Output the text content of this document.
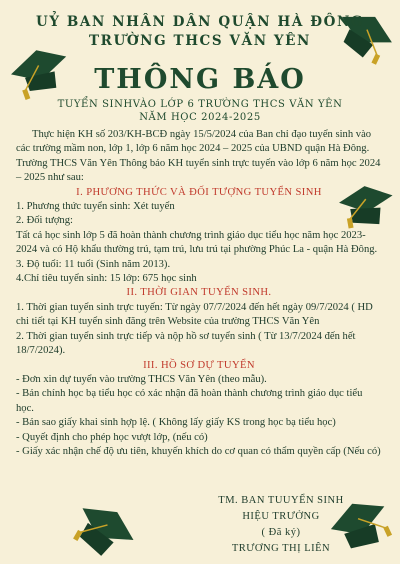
UỶ BAN NHÂN DÂN QUẬN HÀ ĐÔNG
TRƯỜNG THCS VĂN YÊN
THÔNG BÁO
TUYỂN SINHVÀO LỚP 6 TRƯỜNG THCS VĂN YÊN
NĂM HỌC 2024-2025

Thực hiện KH số 203/KH-BCĐ ngày 15/5/2024 của Ban chỉ đạo tuyển sinh vào các trường mầm non, lớp 1, lớp 6 năm học 2024 – 2025 của UBND quận Hà Đông. Trường THCS Văn Yên Thông báo KH tuyển sinh trực tuyến vào lớp 6 năm học 2024 – 2025 như sau:

I. PHƯƠNG THỨC VÀ ĐỐI TƯỢNG TUYỂN SINH

1. Phương thức tuyển sinh: Xét tuyển

2. Đối tượng:

Tất cả học sinh lớp 5 đã hoàn thành chương trình giáo dục tiểu học năm học 2023-2024 và có Hộ khẩu thường trú, tạm trú, lưu trú tại phường Phúc La - quận Hà Đông.

3. Độ tuổi: 11 tuổi (Sinh năm 2013).

4.Chỉ tiêu tuyển sinh: 15 lớp: 675 học sinh

II. THỜI GIAN TUYỂN SINH.

1. Thời gian tuyển sinh trực tuyến: Từ ngày 07/7/2024 đến hết ngày 09/7/2024 ( HD chi tiết tại KH tuyển sinh đăng trên Website của trường THCS Văn Yên

2. Thời gian tuyển sinh trực tiếp và nộp hồ sơ tuyển sinh ( Từ 13/7/2024 đến hết 18/7/2024).

III. HỒ SƠ DỰ TUYỂN

- Đơn xin dự tuyển vào trường THCS Văn Yên (theo mẫu).

- Bản chính học bạ tiểu học có xác nhận đã hoàn thành chương trình giáo dục tiểu học.

- Bản sao giấy khai sinh hợp lệ. ( Không lấy giấy KS trong học bạ tiểu học)

- Quyết định cho phép học vượt lớp, (nếu có)

- Giấy xác nhận chế độ ưu tiên, khuyến khích do cơ quan có thẩm quyền cấp (Nếu có)

TM. BAN TUUYỂN SINH
HIỆU TRƯỞNG
( Đã ký)
TRƯƠNG THỊ LIÊN
